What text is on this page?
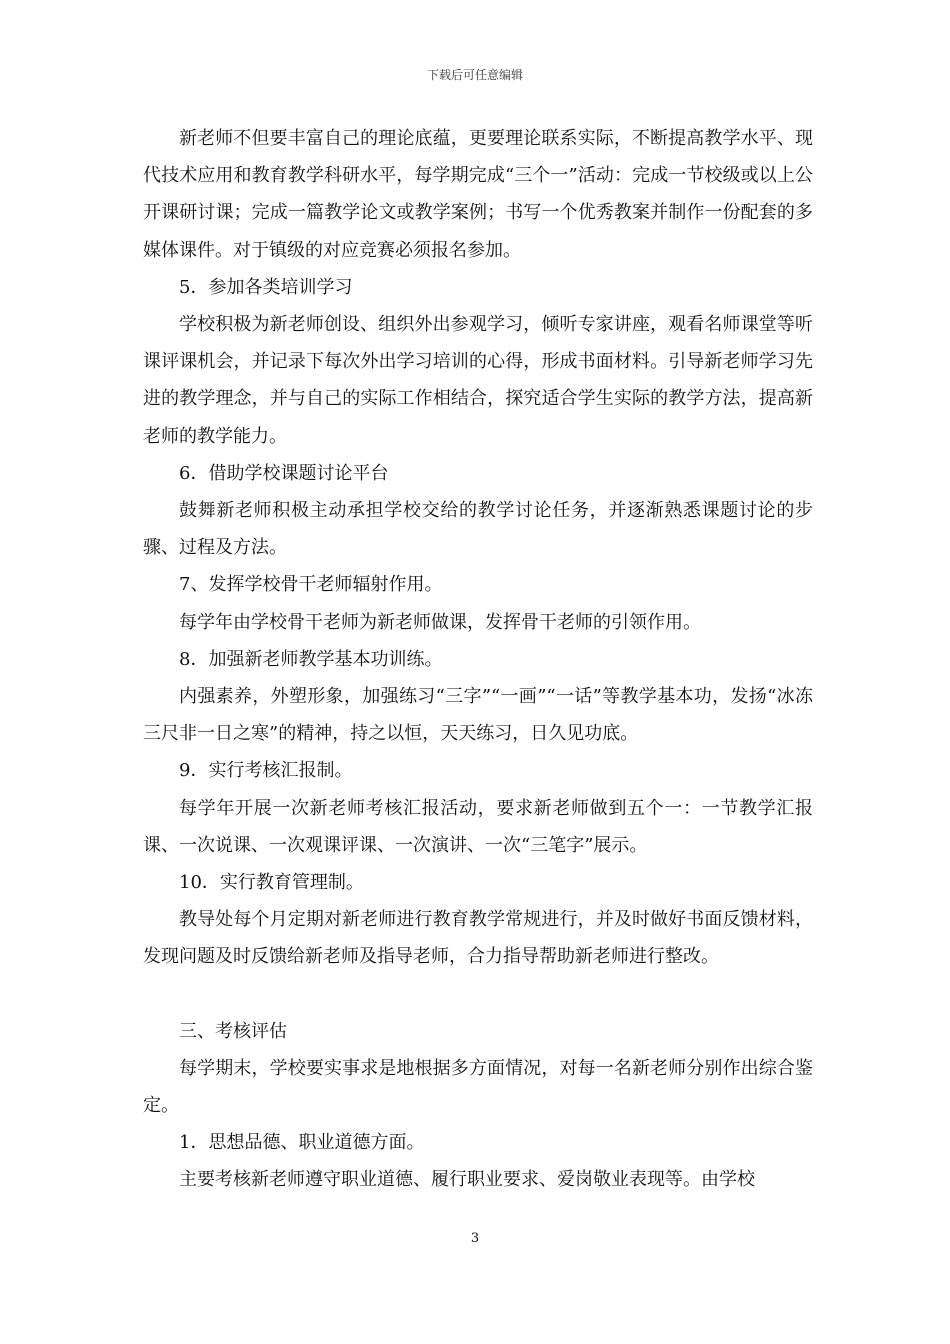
下载后可任意编辑

新老师不但要丰富自己的理论底蕴，更要理论联系实际，不断提高教学水平、现代技术应用和教育教学科研水平，每学期完成“三个一”活动：完成一节校级或以上公开课研讨课；完成一篇教学论文或教学案例；书写一个优秀教案并制作一份配套的多媒体课件。对于镇级的对应竞赛必须报名参加。

5．参加各类培训学习

学校积极为新老师创设、组织外出参观学习，倾听专家讲座，观看名师课堂等听课评课机会，并记录下每次外出学习培训的心得，形成书面材料。引导新老师学习先进的教学理念，并与自己的实际工作相结合，探究适合学生实际的教学方法，提高新老师的教学能力。

6．借助学校课题讨论平台

鼓舞新老师积极主动承担学校交给的教学讨论任务，并逐渐熟悉课题讨论的步骤、过程及方法。

7、发挥学校骨干老师辐射作用。

每学年由学校骨干老师为新老师做课，发挥骨干老师的引领作用。

8．加强新老师教学基本功训练。

内强素养，外塑形象，加强练习“三字”“一画”“一话”等教学基本功，发扬“冰冻三尺非一日之寒”的精神，持之以恒，天天练习，日久见功底。

9．实行考核汇报制。

每学年开展一次新老师考核汇报活动，要求新老师做到五个一：一节教学汇报课、一次说课、一次观课评课、一次演讲、一次“三笔字”展示。

10．实行教育管理制。

教导处每个月定期对新老师进行教育教学常规进行，并及时做好书面反馈材料，发现问题及时反馈给新老师及指导老师，合力指导帮助新老师进行整改。

三、考核评估

每学期末，学校要实事求是地根据多方面情况，对每一名新老师分别作出综合鉴定。

1．思想品德、职业道德方面。

主要考核新老师遵守职业道德、履行职业要求、爱岗敬业表现等。由学校

3
